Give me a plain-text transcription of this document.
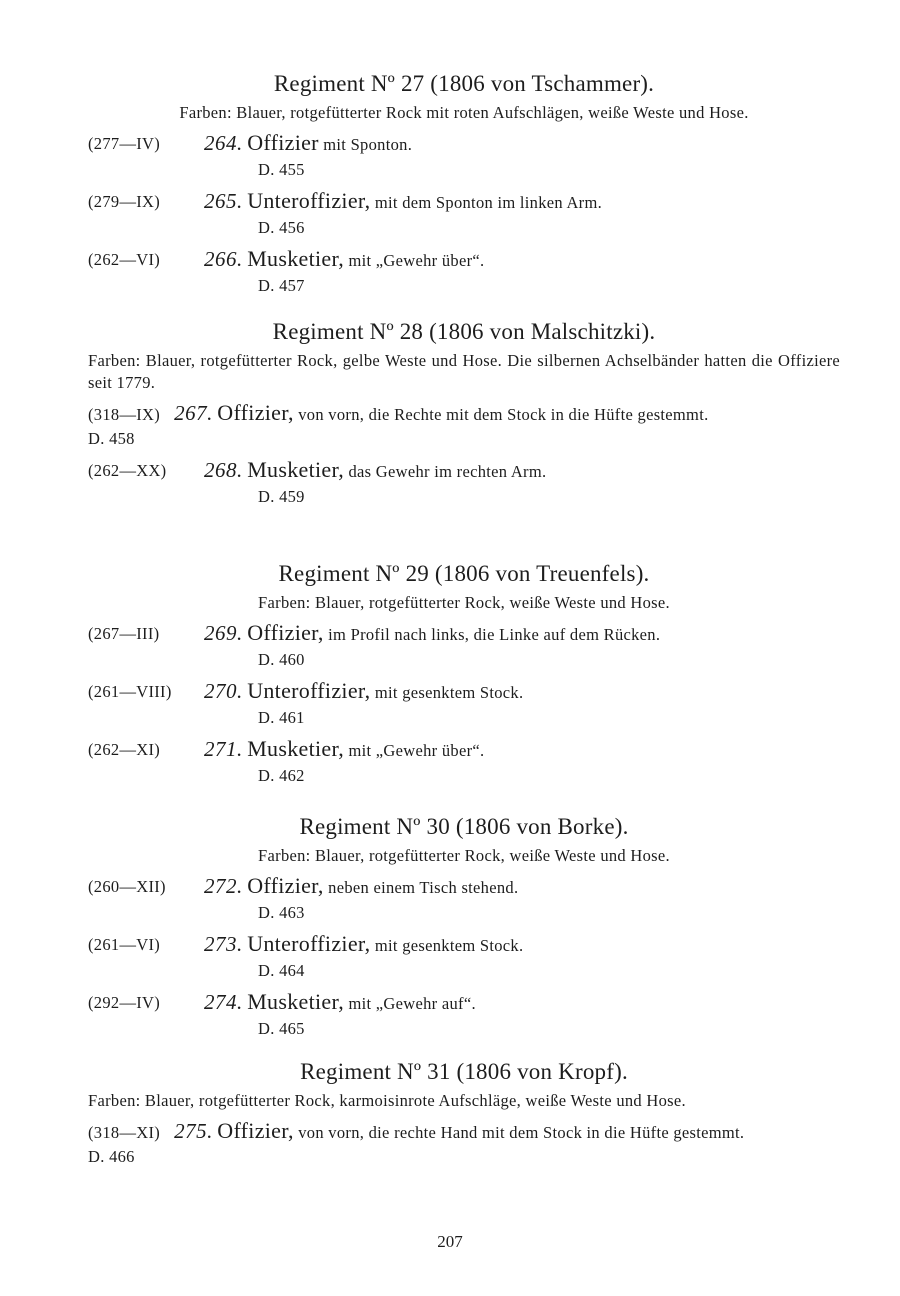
Regiment Nº 27 (1806 von Tschammer).
Farben: Blauer, rotgefütterter Rock mit roten Aufschlägen, weiße Weste und Hose.
(277—IV) 264. Offizier mit Sponton.
D. 455
(279—IX) 265. Unteroffizier, mit dem Sponton im linken Arm.
D. 456
(262—VI) 266. Musketier, mit „Gewehr über“.
D. 457
Regiment Nº 28 (1806 von Malschitzki).
Farben: Blauer, rotgefütterter Rock, gelbe Weste und Hose. Die silbernen Achselbänder hatten die Offiziere seit 1779.
(318—IX) 267. Offizier, von vorn, die Rechte mit dem Stock in die Hüfte gestemmt.
D. 458
(262—XX) 268. Musketier, das Gewehr im rechten Arm.
D. 459
Regiment Nº 29 (1806 von Treuenfels).
Farben: Blauer, rotgefütterter Rock, weiße Weste und Hose.
(267—III) 269. Offizier, im Profil nach links, die Linke auf dem Rücken.
D. 460
(261—VIII) 270. Unteroffizier, mit gesenktem Stock.
D. 461
(262—XI) 271. Musketier, mit „Gewehr über“.
D. 462
Regiment Nº 30 (1806 von Borke).
Farben: Blauer, rotgefütterter Rock, weiße Weste und Hose.
(260—XII) 272. Offizier, neben einem Tisch stehend.
D. 463
(261—VI) 273. Unteroffizier, mit gesenktem Stock.
D. 464
(292—IV) 274. Musketier, mit „Gewehr auf“.
D. 465
Regiment Nº 31 (1806 von Kropf).
Farben: Blauer, rotgefütterter Rock, karmoisinrote Aufschläge, weiße Weste und Hose.
(318—XI) 275. Offizier, von vorn, die rechte Hand mit dem Stock in die Hüfte gestemmt.
D. 466
207
